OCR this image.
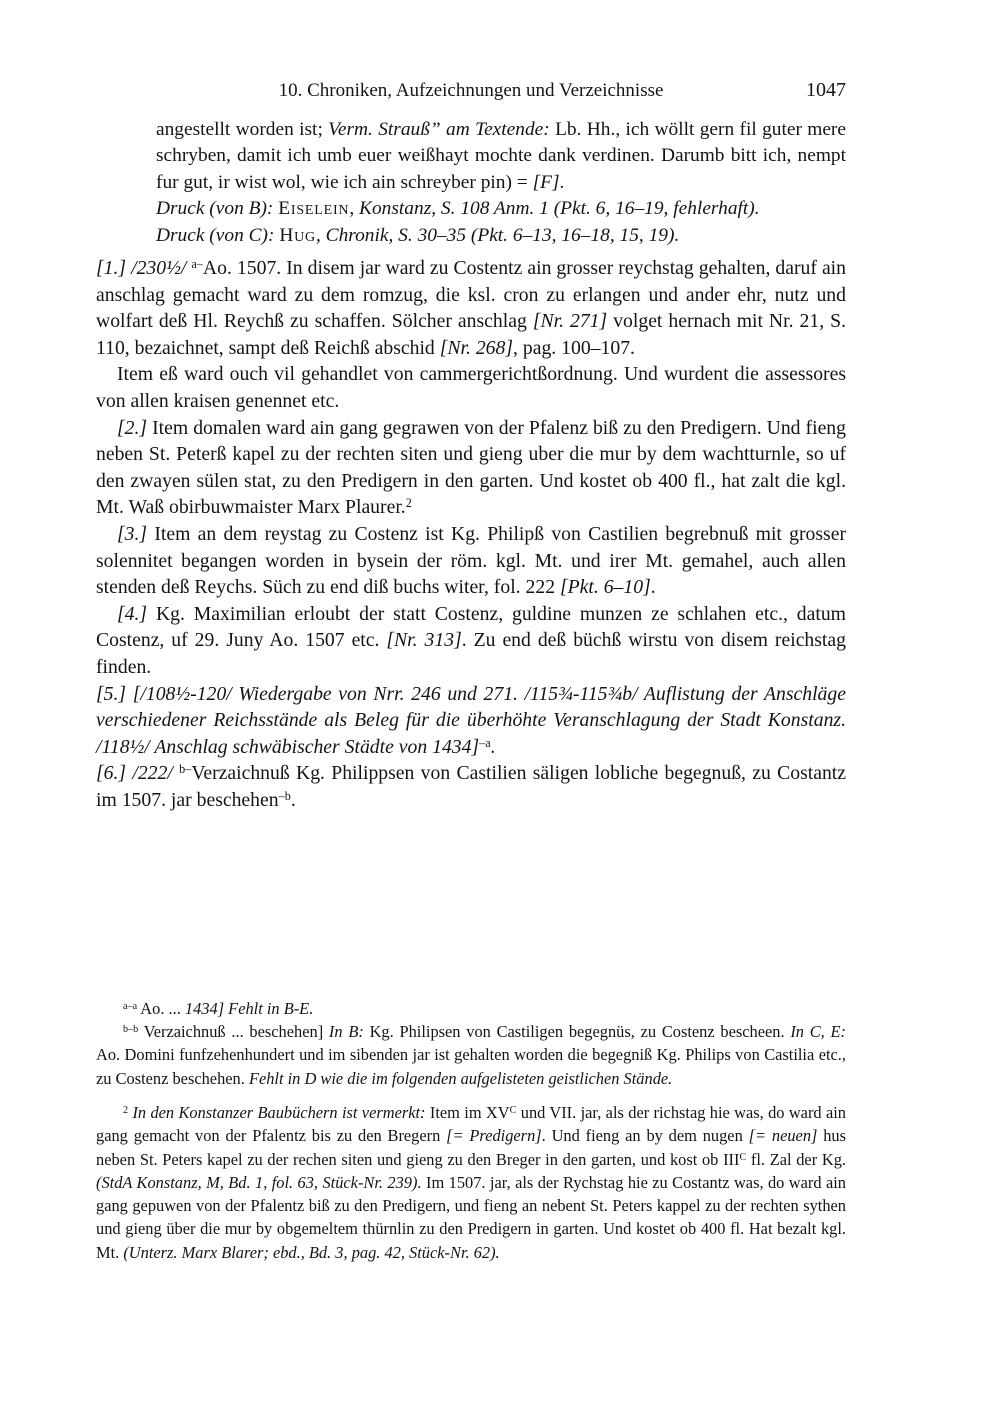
10. Chroniken, Aufzeichnungen und Verzeichnisse	1047

angestellt worden ist; Verm. Strauß” am Textende: Lb. Hh., ich wöllt gern fil guter mere schryben, damit ich umb euer weißhayt mochte dank verdinen. Darumb bitt ich, nempt fur gut, ir wist wol, wie ich ain schreyber pin) = [F].

Druck (von B): Eiselein, Konstanz, S. 108 Anm. 1 (Pkt. 6, 16–19, fehlerhaft).

Druck (von C): Hug, Chronik, S. 30–35 (Pkt. 6–13, 16–18, 15, 19).

[1.] /230½/ $^{a-}$Ao. 1507. In disem jar ward zu Costentz ain grosser reychstag gehalten, daruf ain anschlag gemacht ward zu dem romzug, die ksl. cron zu erlangen und ander ehr, nutz und wolfart deß Hl. Reychß zu schaffen. Sölcher anschlag [Nr. 271] volget hernach mit Nr. 21, S. 110, bezaichnet, sampt deß Reichß abschid [Nr. 268], pag. 100–107.

Item eß ward ouch vil gehandlet von cammergerichtßordnung. Und wurdent die assessores von allen kraisen genennet etc.

[2.] Item domalen ward ain gang gegrawen von der Pfalenz biß zu den Predigern. Und fieng neben St. Peterß kapel zu der rechten siten und gieng uber die mur by dem wachtturnle, so uf den zwayen sülen stat, zu den Predigern in den garten. Und kostet ob 400 fl., hat zalt die kgl. Mt. Waß obirbuwmaister Marx Plaurer.$^2$

[3.] Item an dem reystag zu Costenz ist Kg. Philipß von Castilien begrebnuß mit grosser solennitet begangen worden in bysein der röm. kgl. Mt. und irer Mt. gemahel, auch allen stenden deß Reychs. Süch zu end diß buchs witer, fol. 222 [Pkt. 6–10].

[4.] Kg. Maximilian erloubt der statt Costenz, guldine munzen ze schlahen etc., datum Costenz, uf 29. Juny Ao. 1507 etc. [Nr. 313]. Zu end deß büchß wirstu von disem reichstag finden.

[5.] [/108½-120/ Wiedergabe von Nrr. 246 und 271. /115¾-115¾b/ Auflistung der Anschläge verschiedener Reichsstände als Beleg für die überhöhte Veranschlagung der Stadt Konstanz. /118½/ Anschlag schwäbischer Städte von 1434]$^{-a}$.

[6.] /222/ $^{b-}$Verzaichnuß Kg. Philippsen von Castilien säligen lobliche begegnuß, zu Costantz im 1507. jar beschehen$^{-b}$.

$^{a-a}$ Ao. ... 1434] Fehlt in B-E.

$^{b-b}$ Verzaichnuß ... beschehen] In B: Kg. Philipsen von Castiligen begegnüs, zu Costenz bescheen. In C, E: Ao. Domini funfzehenhundert und im sibenden jar ist gehalten worden die begegniß Kg. Philips von Castilia etc., zu Costenz beschehen. Fehlt in D wie die im folgenden aufgelisteten geistlichen Stände.

$^2$ In den Konstanzer Baubüchern ist vermerkt: Item im $XV^C$ und VII. jar, als der richstag hie was, do ward ain gang gemacht von der Pfalentz bis zu den Bregern [= Predigern]. Und fieng an by dem nugen [= neuen] hus neben St. Peters kapel zu der rechen siten und gieng zu den Breger in den garten, und kost ob $III^C$ fl. Zal der Kg. (StdA Konstanz, M, Bd. 1, fol. 63, Stück-Nr. 239). Im 1507. jar, als der Rychstag hie zu Costantz was, do ward ain gang gepuwen von der Pfalentz biß zu den Predigern, und fieng an nebent St. Peters kappel zu der rechten sythen und gieng über die mur by obgemeltem thürnlin zu den Predigern in garten. Und kostet ob 400 fl. Hat bezalt kgl. Mt. (Unterz. Marx Blarer; ebd., Bd. 3, pag. 42, Stück-Nr. 62).
